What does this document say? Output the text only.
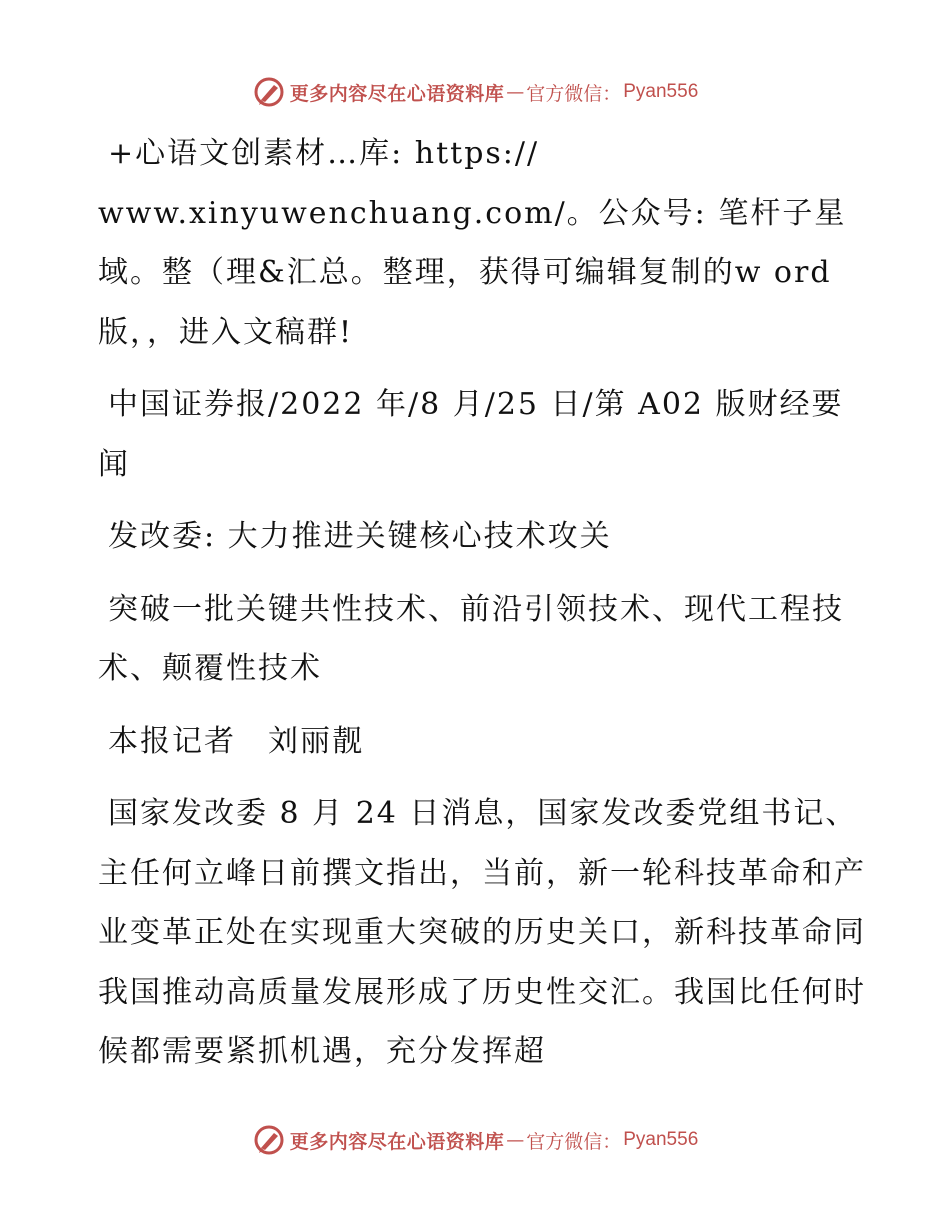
更多内容尽在心语资料库 — 官方微信： Pyan556

+心语文创素材…库: https://

www.xinyuwenchuang.com/。公众号: 笔杆子星

域。整（理&汇总。整理，获得可编辑复制的w ord

版，，进入文稿群!

中国证券报/2022 年/8 月/25 日/第 A02 版财经要闻

发改委: 大力推进关键核心技术攻关

突破一批关键共性技术、前沿引领技术、现代工程技术、颠覆性技术

本报记者　刘丽靓

国家发改委 8 月 24 日消息，国家发改委党组书记、主任何立峰日前撰文指出，当前，新一轮科技革命和产业变革正处在实现重大突破的历史关口，新科技革命同我国推动高质量发展形成了历史性交汇。我国比任何时候都需要紧抓机遇，充分发挥超

更多内容尽在心语资料库 — 官方微信： Pyan556
